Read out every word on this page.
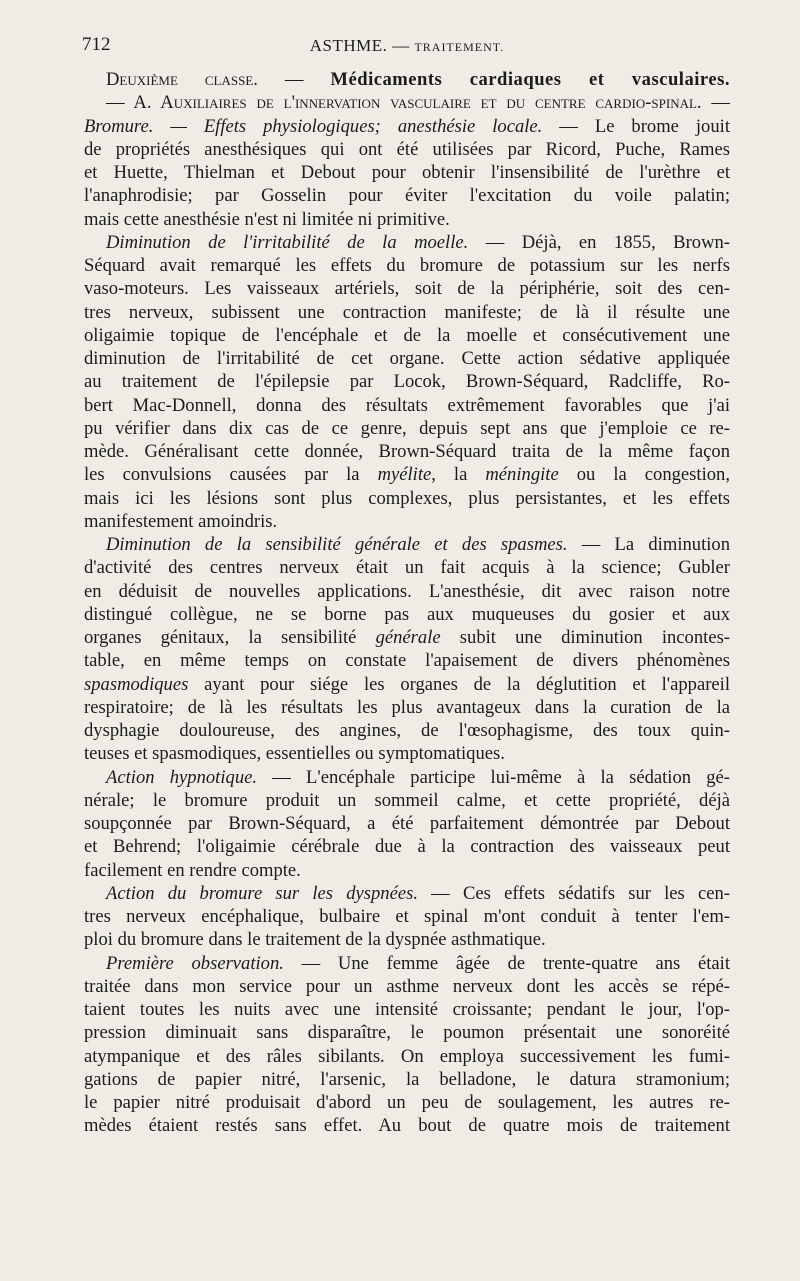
712	ASTHME. — TRAITEMENT.
Deuxième classe. — Médicaments cardiaques et vasculaires.
— A. Auxiliaires de l'innervation vasculaire et du centre cardio-spinal. —
Bromure. — Effets physiologiques; anesthésie locale. — Le brome jouit
de propriétés anesthésiques qui ont été utilisées par Ricord, Puche, Rames
et Huette, Thielman et Debout pour obtenir l'insensibilité de l'urèthre et
l'anaphrodisie; par Gosselin pour éviter l'excitation du voile palatin;
mais cette anesthésie n'est ni limitée ni primitive.
Diminution de l'irritabilité de la moelle. — Déjà, en 1855, Brown-
Séquard avait remarqué les effets du bromure de potassium sur les nerfs
vaso-moteurs. Les vaisseaux artériels, soit de la périphérie, soit des cen-
tres nerveux, subissent une contraction manifeste; de là il résulte une
oligaimie topique de l'encéphale et de la moelle et consécutivement une
diminution de l'irritabilité de cet organe. Cette action sédative appliquée
au traitement de l'épilepsie par Locok, Brown-Séquard, Radcliffe, Ro-
bert Mac-Donnell, donna des résultats extrêmement favorables que j'ai
pu vérifier dans dix cas de ce genre, depuis sept ans que j'emploie ce re-
mède. Généralisant cette donnée, Brown-Séquard traita de la même façon
les convulsions causées par la myélite, la méningite ou la congestion,
mais ici les lésions sont plus complexes, plus persistantes, et les effets
manifestement amoindris.
Diminution de la sensibilité générale et des spasmes. — La diminution
d'activité des centres nerveux était un fait acquis à la science; Gubler
en déduisit de nouvelles applications. L'anesthésie, dit avec raison notre
distingué collègue, ne se borne pas aux muqueuses du gosier et aux
organes génitaux, la sensibilité générale subit une diminution incontes-
table, en même temps on constate l'apaisement de divers phénomènes
spasmodiques ayant pour siége les organes de la déglutition et l'appareil
respiratoire; de là les résultats les plus avantageux dans la curation de la
dysphagie douloureuse, des angines, de l'œsophagisme, des toux quin-
teuses et spasmodiques, essentielles ou symptomatiques.
Action hypnotique. — L'encéphale participe lui-même à la sédation gé-
nérale; le bromure produit un sommeil calme, et cette propriété, déjà
soupçonnée par Brown-Séquard, a été parfaitement démontrée par Debout
et Behrend; l'oligaimie cérébrale due à la contraction des vaisseaux peut
facilement en rendre compte.
Action du bromure sur les dyspnées. — Ces effets sédatifs sur les cen-
tres nerveux encéphalique, bulbaire et spinal m'ont conduit à tenter l'em-
ploi du bromure dans le traitement de la dyspnée asthmatique.
Première observation. — Une femme âgée de trente-quatre ans était
traitée dans mon service pour un asthme nerveux dont les accès se répé-
taient toutes les nuits avec une intensité croissante; pendant le jour, l'op-
pression diminuait sans disparaître, le poumon présentait une sonoréité
atympanique et des râles sibilants. On employa successivement les fumi-
gations de papier nitré, l'arsenic, la belladone, le datura stramonium;
le papier nitré produisait d'abord un peu de soulagement, les autres re-
mèdes étaient restés sans effet. Au bout de quatre mois de traitement
